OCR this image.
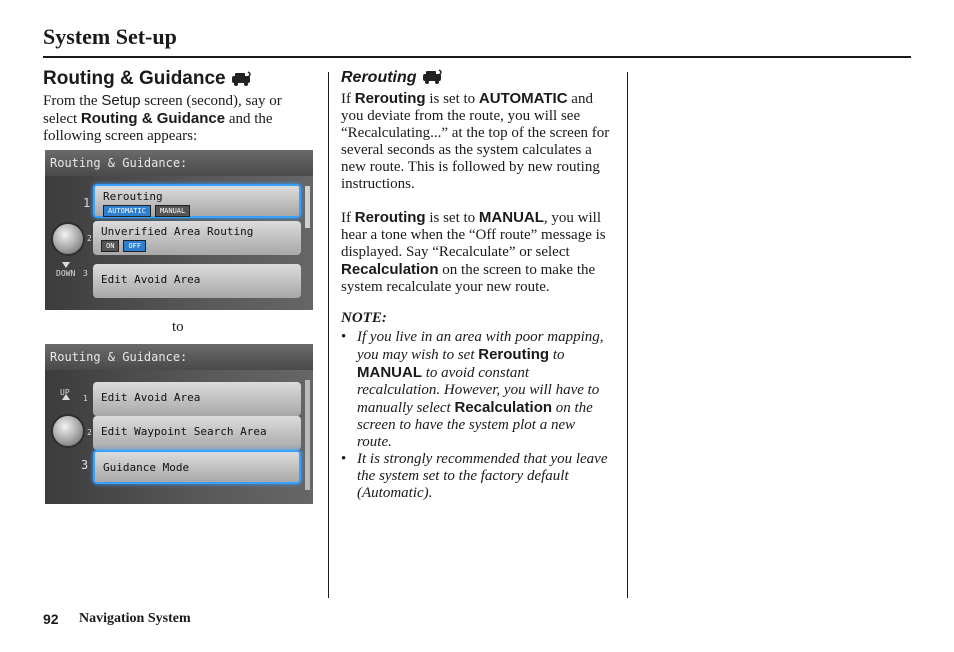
System Set-up
Routing & Guidance

From the Setup screen (second), say or select Routing & Guidance and the following screen appears:

Routing & Guidance:
1
2
DOWN 3
Rerouting
AUTOMATIC MANUAL
Unverified Area Routing
ON OFF
Edit Avoid Area
to
Routing & Guidance:
UP
1
2
3
Edit Avoid Area
Edit Waypoint Search Area
Guidance Mode
Rerouting

If Rerouting is set to AUTOMATIC and you deviate from the route, you will see “Recalculating...” at the top of the screen for several seconds as the system calculates a new route. This is followed by new routing instructions.

If Rerouting is set to MANUAL, you will hear a tone when the “Off route” message is displayed. Say “Recalculate” or select Recalculation on the screen to make the system recalculate your new route.

NOTE:

• If you live in an area with poor mapping, you may wish to set Rerouting to MANUAL to avoid constant recalculation. However, you will have to manually select Recalculation on the screen to have the system plot a new route.
• It is strongly recommended that you leave the system set to the factory default (Automatic).
92 Navigation System
